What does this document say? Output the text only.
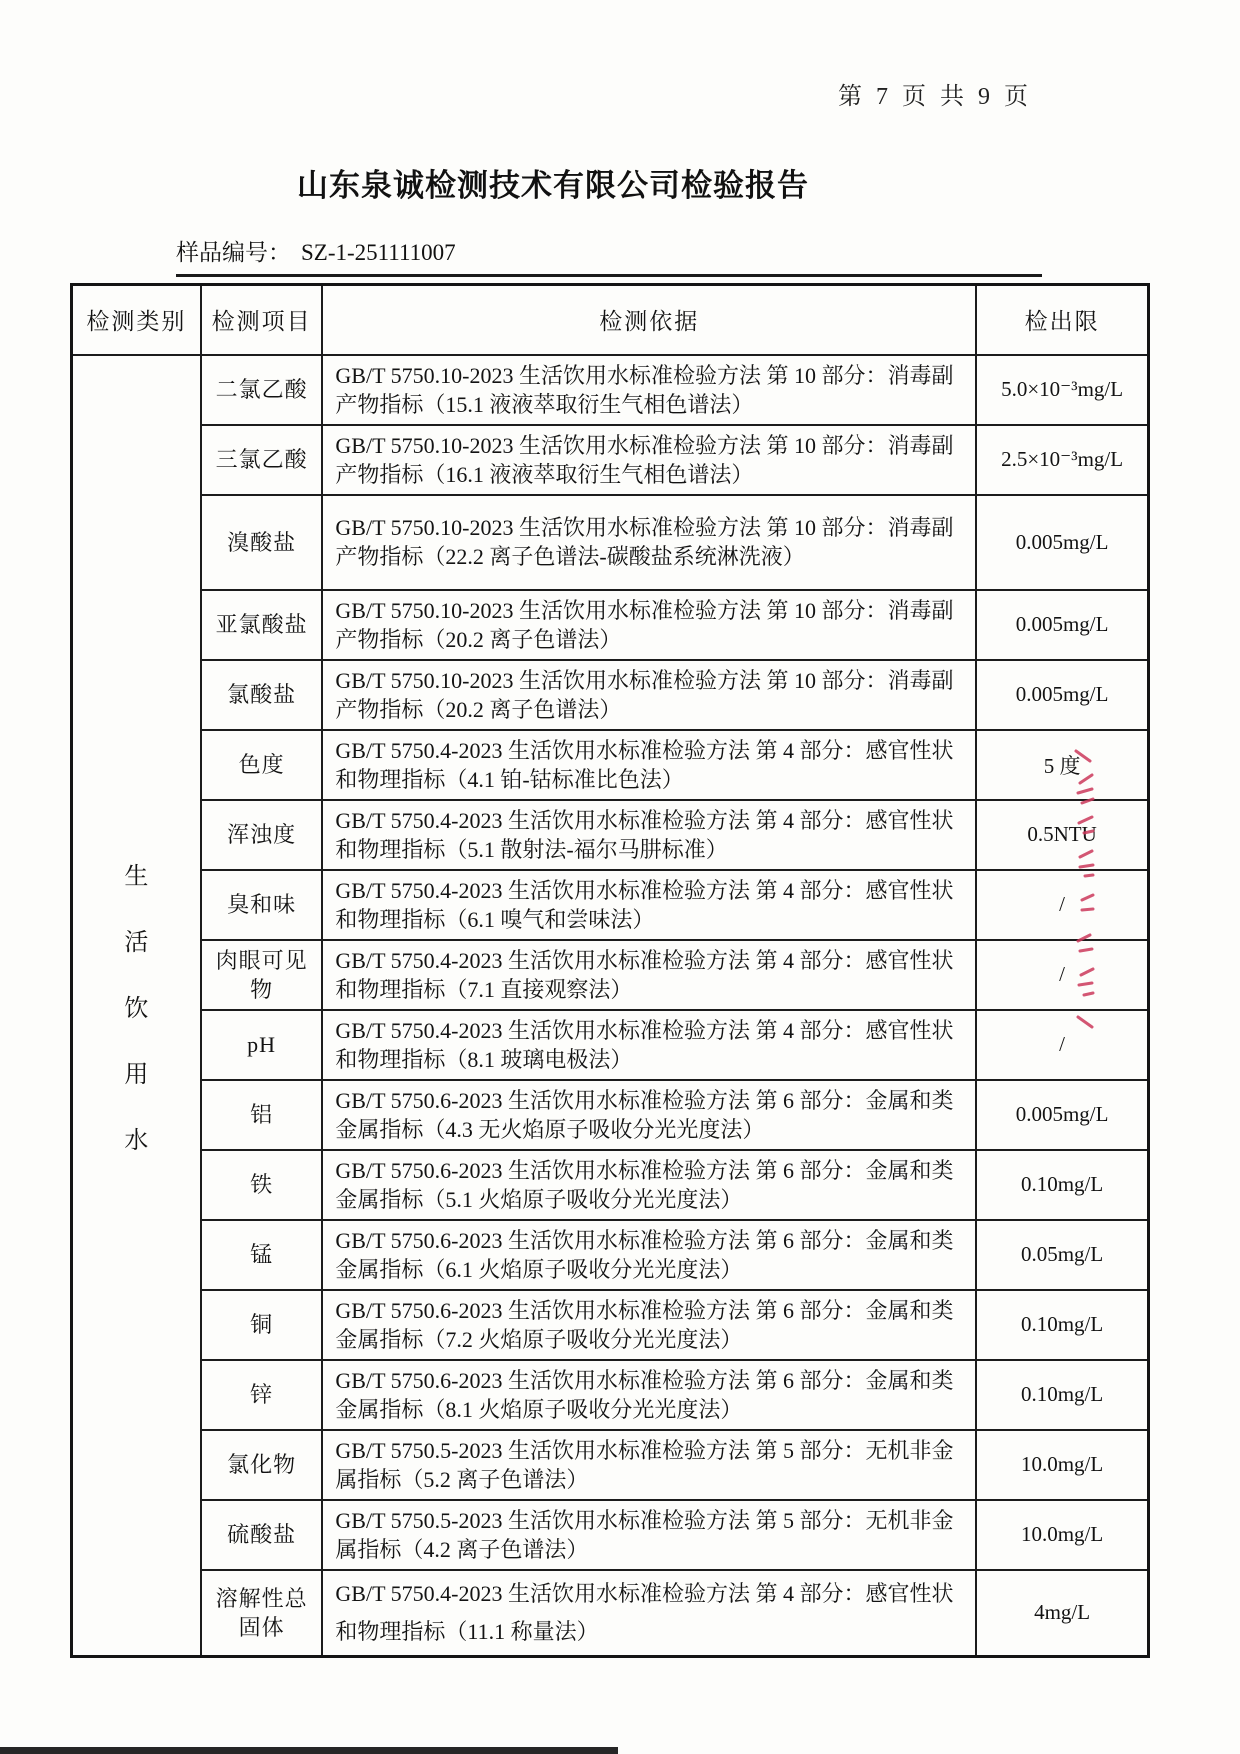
第 7 页 共 9 页
山东泉诚检测技术有限公司检验报告
样品编号： SZ-1-251111007
检测类别	检测项目	检测依据	检出限

生
活
饮
用
水	二氯乙酸	GB/T 5750.10-2023 生活饮用水标准检验方法 第 10 部分：消毒副产物指标（15.1 液液萃取衍生气相色谱法）	5.0×10⁻³mg/L
	三氯乙酸	GB/T 5750.10-2023 生活饮用水标准检验方法 第 10 部分：消毒副产物指标（16.1 液液萃取衍生气相色谱法）	2.5×10⁻³mg/L
	溴酸盐	GB/T 5750.10-2023 生活饮用水标准检验方法 第 10 部分：消毒副产物指标（22.2 离子色谱法-碳酸盐系统淋洗液）	0.005mg/L
	亚氯酸盐	GB/T 5750.10-2023 生活饮用水标准检验方法 第 10 部分：消毒副产物指标（20.2 离子色谱法）	0.005mg/L
	氯酸盐	GB/T 5750.10-2023 生活饮用水标准检验方法 第 10 部分：消毒副产物指标（20.2 离子色谱法）	0.005mg/L
	色度	GB/T 5750.4-2023 生活饮用水标准检验方法 第 4 部分：感官性状和物理指标（4.1 铂-钴标准比色法）	5 度
	浑浊度	GB/T 5750.4-2023 生活饮用水标准检验方法 第 4 部分：感官性状和物理指标（5.1 散射法-福尔马肼标准）	0.5NTU
	臭和味	GB/T 5750.4-2023 生活饮用水标准检验方法 第 4 部分：感官性状和物理指标（6.1 嗅气和尝味法）	/
	肉眼可见物	GB/T 5750.4-2023 生活饮用水标准检验方法 第 4 部分：感官性状和物理指标（7.1 直接观察法）	/
	pH	GB/T 5750.4-2023 生活饮用水标准检验方法 第 4 部分：感官性状和物理指标（8.1 玻璃电极法）	/
	铝	GB/T 5750.6-2023 生活饮用水标准检验方法 第 6 部分：金属和类金属指标（4.3 无火焰原子吸收分光光度法）	0.005mg/L
	铁	GB/T 5750.6-2023 生活饮用水标准检验方法 第 6 部分：金属和类金属指标（5.1 火焰原子吸收分光光度法）	0.10mg/L
	锰	GB/T 5750.6-2023 生活饮用水标准检验方法 第 6 部分：金属和类金属指标（6.1 火焰原子吸收分光光度法）	0.05mg/L
	铜	GB/T 5750.6-2023 生活饮用水标准检验方法 第 6 部分：金属和类金属指标（7.2 火焰原子吸收分光光度法）	0.10mg/L
	锌	GB/T 5750.6-2023 生活饮用水标准检验方法 第 6 部分：金属和类金属指标（8.1 火焰原子吸收分光光度法）	0.10mg/L
	氯化物	GB/T 5750.5-2023 生活饮用水标准检验方法 第 5 部分：无机非金属指标（5.2 离子色谱法）	10.0mg/L
	硫酸盐	GB/T 5750.5-2023 生活饮用水标准检验方法 第 5 部分：无机非金属指标（4.2 离子色谱法）	10.0mg/L
	溶解性总固体	GB/T 5750.4-2023 生活饮用水标准检验方法 第 4 部分：感官性状和物理指标（11.1 称量法）	4mg/L
